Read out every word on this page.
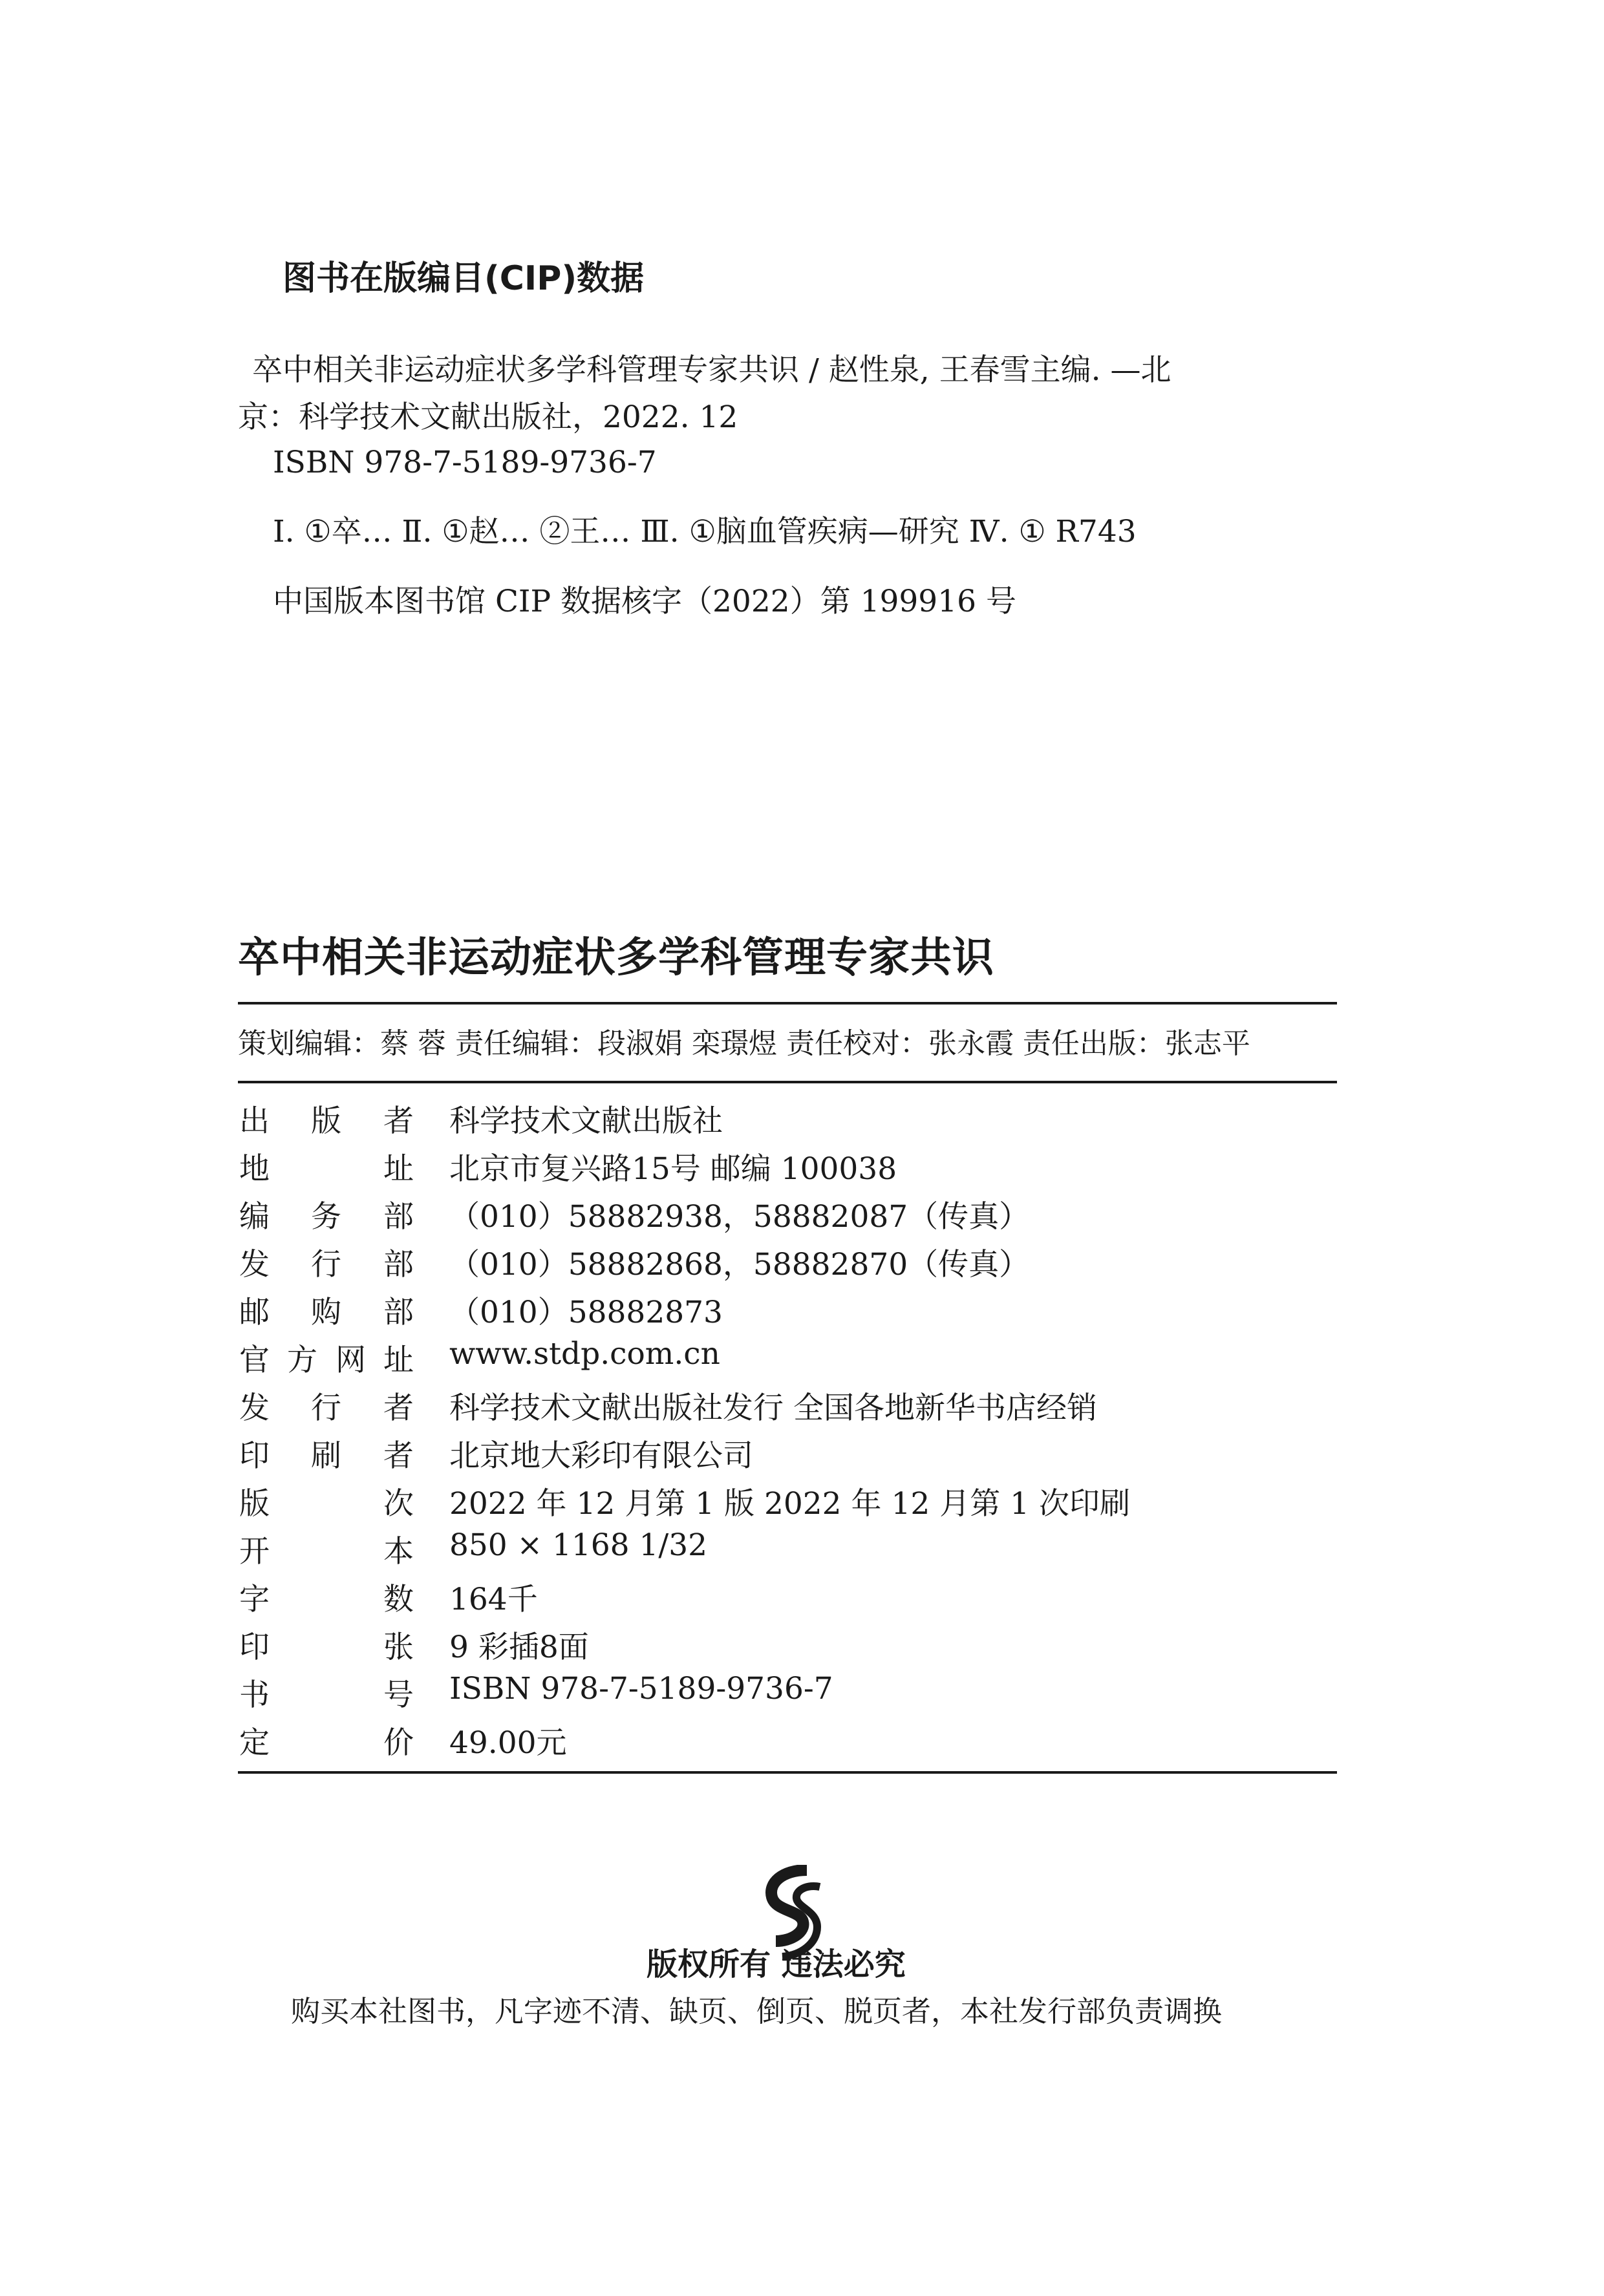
图书在版编目(CIP)数据
卒中相关非运动症状多学科管理专家共识 / 赵性泉, 王春雪主编. —北
京：科学技术文献出版社，2022. 12
ISBN 978-7-5189-9736-7
Ⅰ. ①卒… Ⅱ. ①赵… ②王… Ⅲ. ①脑血管疾病—研究 Ⅳ. ① R743
中国版本图书馆 CIP 数据核字（2022）第 199916 号
卒中相关非运动症状多学科管理专家共识
策划编辑：蔡 蓉 责任编辑：段淑娟 栾璟煜 责任校对：张永霞 责任出版：张志平
出 版 者 科学技术文献出版社
地	址 北京市复兴路15号 邮编 100038
编 务 部 （010）58882938，58882087（传真）
发 行 部 （010）58882868，58882870（传真）
邮 购 部 （010）58882873
官 方 网 址 www.stdp.com.cn
发 行 者 科学技术文献出版社发行 全国各地新华书店经销
印 刷 者 北京地大彩印有限公司
版	次 2022 年 12 月第 1 版 2022 年 12 月第 1 次印刷
开	本 850 × 1168 1/32
字	数 164千
印	张 9 彩插8面
书	号 ISBN 978-7-5189-9736-7
定	价 49.00元
版权所有 违法必究
购买本社图书，凡字迹不清、缺页、倒页、脱页者，本社发行部负责调换
